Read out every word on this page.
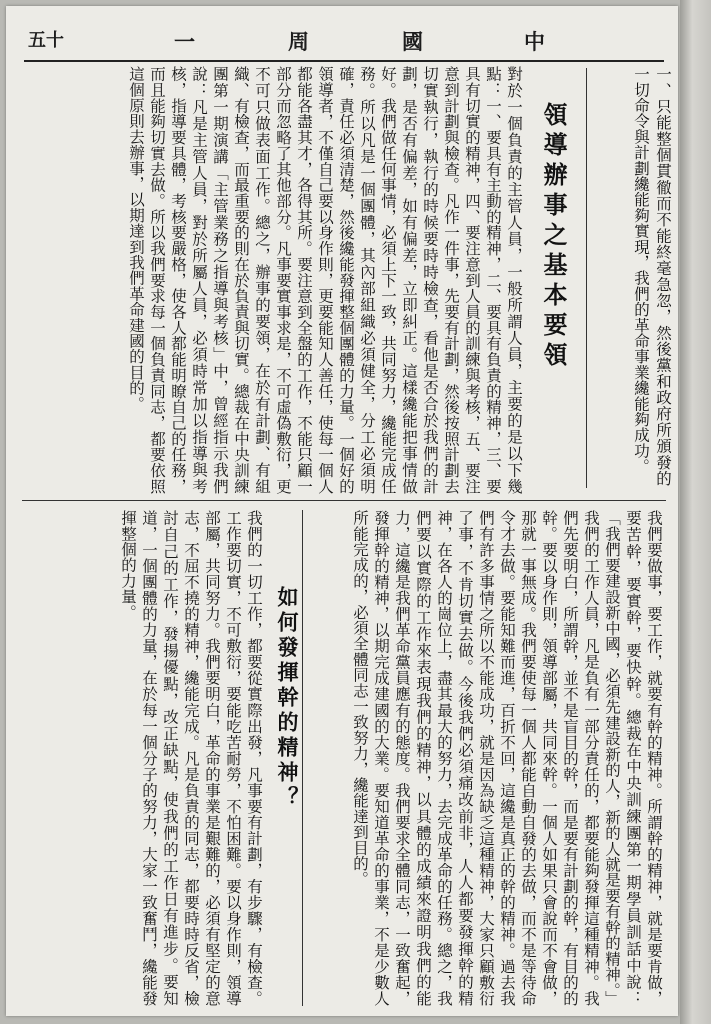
五十	一	周	國	中
一、只能整個貫徹而不能終毫急忽，然後黨和政府所頒發的一切命令與計劃纔能夠實現，我們的革命事業纔能夠成功。
領導辦事之基本要領
對於一個負責的主管人員，一般所謂人員，主要的是以下幾點：一、要具有主動的精神，二、要具有負責的精神，三、要具有切實的精神，四、要注意到人員的訓練與考核，五、要注意到計劃與檢查。凡作一件事，先要有計劃，然後按照計劃去切實執行，執行的時候要時時檢查，看他是否合於我們的計劃，是否有偏差，如有偏差，立即糾正。這樣纔能把事情做好。我們做任何事情，必須上下一致，共同努力，纔能完成任務。所以凡是一個團體，其內部組織必須健全，分工必須明確，責任必須清楚，然後纔能發揮整個團體的力量。一個好的領導者，不僅自己要以身作則，更要能知人善任，使每一個人都能各盡其才，各得其所。要注意到全盤的工作，不能只顧一部分而忽略了其他部分。凡事要實事求是，不可虛偽敷衍，更不可只做表面工作。總之，辦事的要領，在於有計劃、有組織、有檢查，而最重要的則在於負責與切實。總裁在中央訓練團第一期演講「主管業務之指導與考核」中，曾經指示我們說：凡是主管人員，對於所屬人員，必須時常加以指導與考核，指導要具體，考核要嚴格，使各人都能明瞭自己的任務，而且能夠切實去做。所以我們要求每一個負責同志，都要依照這個原則去辦事，以期達到我們革命建國的目的。
我們要做事，要工作，就要有幹的精神。所謂幹的精神，就是要肯做，要苦幹，要實幹，要快幹。總裁在中央訓練團第一期學員訓話中說：「我們要建設新中國，必須先建設新的人，新的人就是要有幹的精神。」我們的工作人員，凡是負有一部分責任的，都要能夠發揮這種精神。我們先要明白，所謂幹，並不是盲目的幹，而是要有計劃的幹，有目的的幹。要以身作則，領導部屬，共同來幹。一個人如果只會說而不會做，那就一事無成。我們要使每一個人都能自動自發的去做，而不是等待命令才去做。要能知難而進，百折不回，這纔是真正的幹的精神。過去我們有許多事情之所以不能成功，就是因為缺乏這種精神，大家只顧敷衍了事，不肯切實去做。今後我們必須痛改前非，人人都要發揮幹的精神，在各人的崗位上，盡其最大的努力，去完成革命的任務。總之，我們要以實際的工作來表現我們的精神，以具體的成績來證明我們的能力，這纔是我們革命黨員應有的態度。我們要求全體同志，一致奮起，發揮幹的精神，以期完成建國的大業。要知道革命的事業，不是少數人所能完成的，必須全體同志一致努力，纔能達到目的。
如何發揮幹的精神？
我們的一切工作，都要從實際出發，凡事要有計劃，有步驟，有檢查。工作要切實，不可敷衍，要能吃苦耐勞，不怕困難。要以身作則，領導部屬，共同努力。我們要明白，革命的事業是艱難的，必須有堅定的意志，不屈不撓的精神，纔能完成。凡是負責的同志，都要時時反省，檢討自己的工作，發揚優點，改正缺點，使我們的工作日有進步。要知道，一個團體的力量，在於每一個分子的努力，大家一致奮鬥，纔能發揮整個的力量。
